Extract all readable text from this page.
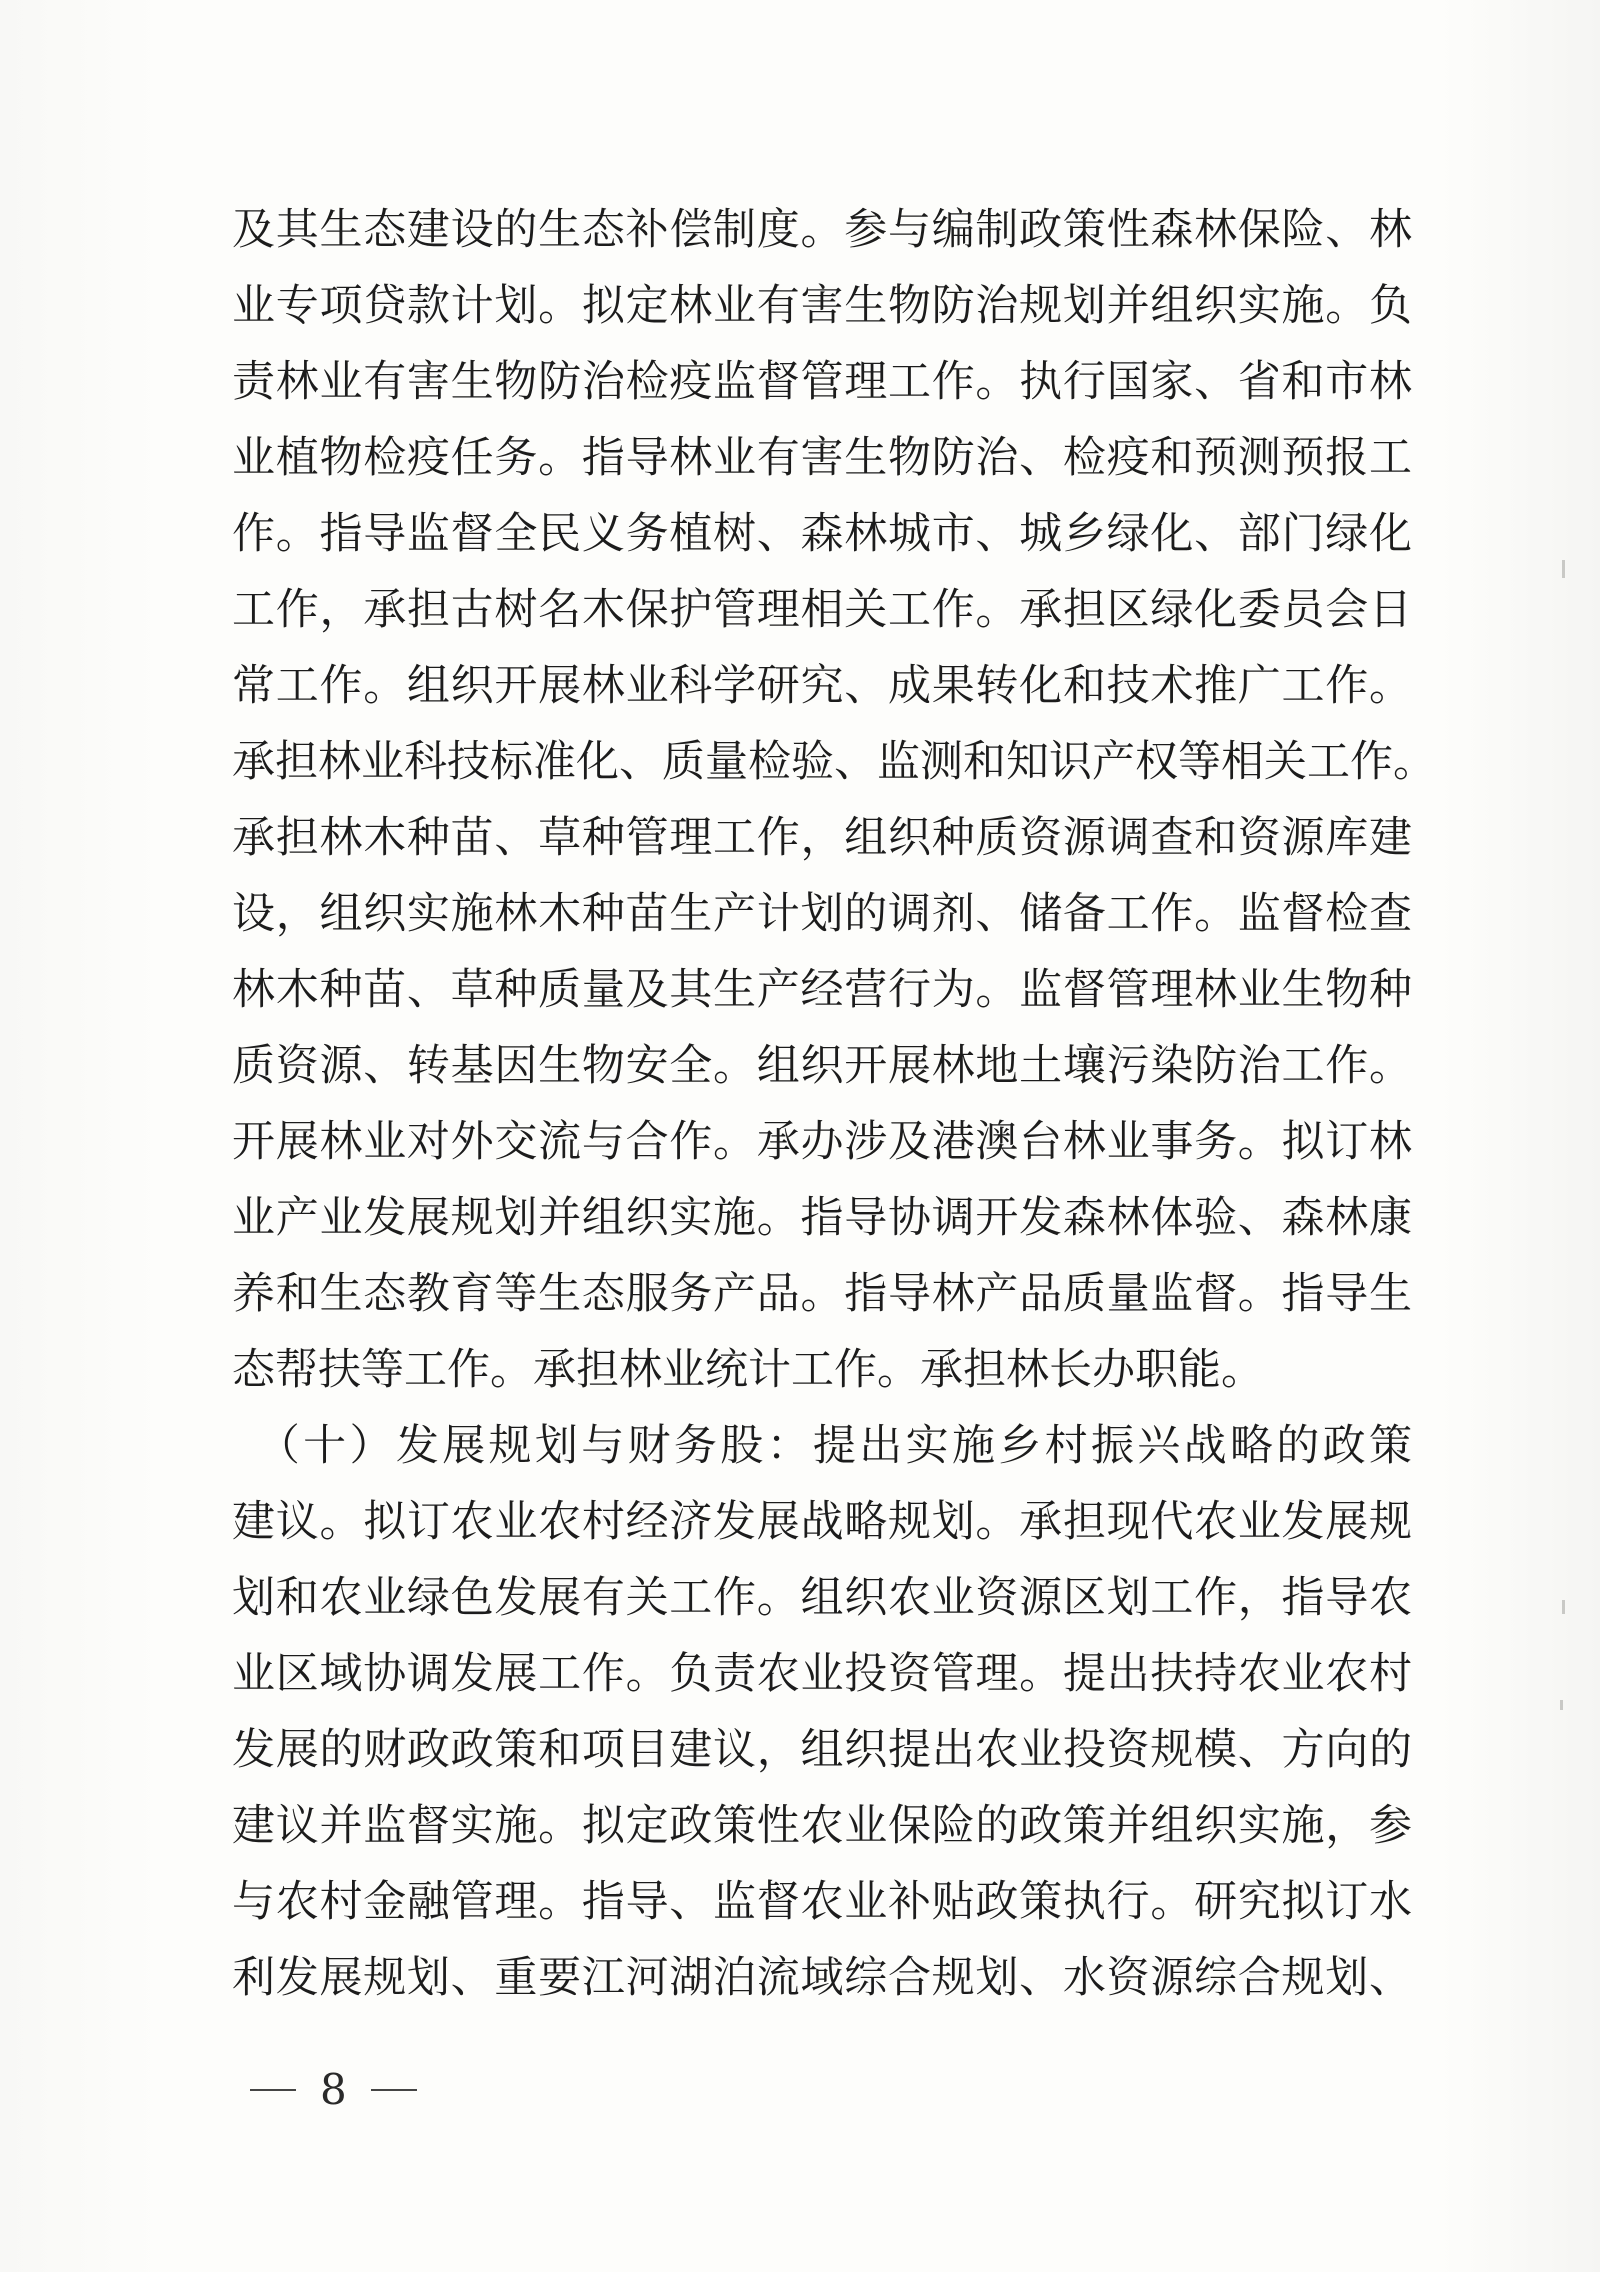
及其生态建设的生态补偿制度。参与编制政策性森林保险、林
业专项贷款计划。拟定林业有害生物防治规划并组织实施。负
责林业有害生物防治检疫监督管理工作。执行国家、省和市林
业植物检疫任务。指导林业有害生物防治、检疫和预测预报工
作。指导监督全民义务植树、森林城市、城乡绿化、部门绿化
工作，承担古树名木保护管理相关工作。承担区绿化委员会日
常工作。组织开展林业科学研究、成果转化和技术推广工作。
承担林业科技标准化、质量检验、监测和知识产权等相关工作。
承担林木种苗、草种管理工作，组织种质资源调查和资源库建
设，组织实施林木种苗生产计划的调剂、储备工作。监督检查
林木种苗、草种质量及其生产经营行为。监督管理林业生物种
质资源、转基因生物安全。组织开展林地土壤污染防治工作。
开展林业对外交流与合作。承办涉及港澳台林业事务。拟订林
业产业发展规划并组织实施。指导协调开发森林体验、森林康
养和生态教育等生态服务产品。指导林产品质量监督。指导生
态帮扶等工作。承担林业统计工作。承担林长办职能。
　（十）发展规划与财务股：提出实施乡村振兴战略的政策
建议。拟订农业农村经济发展战略规划。承担现代农业发展规
划和农业绿色发展有关工作。组织农业资源区划工作，指导农
业区域协调发展工作。负责农业投资管理。提出扶持农业农村
发展的财政政策和项目建议，组织提出农业投资规模、方向的
建议并监督实施。拟定政策性农业保险的政策并组织实施，参
与农村金融管理。指导、监督农业补贴政策执行。研究拟订水
利发展规划、重要江河湖泊流域综合规划、水资源综合规划、
8
